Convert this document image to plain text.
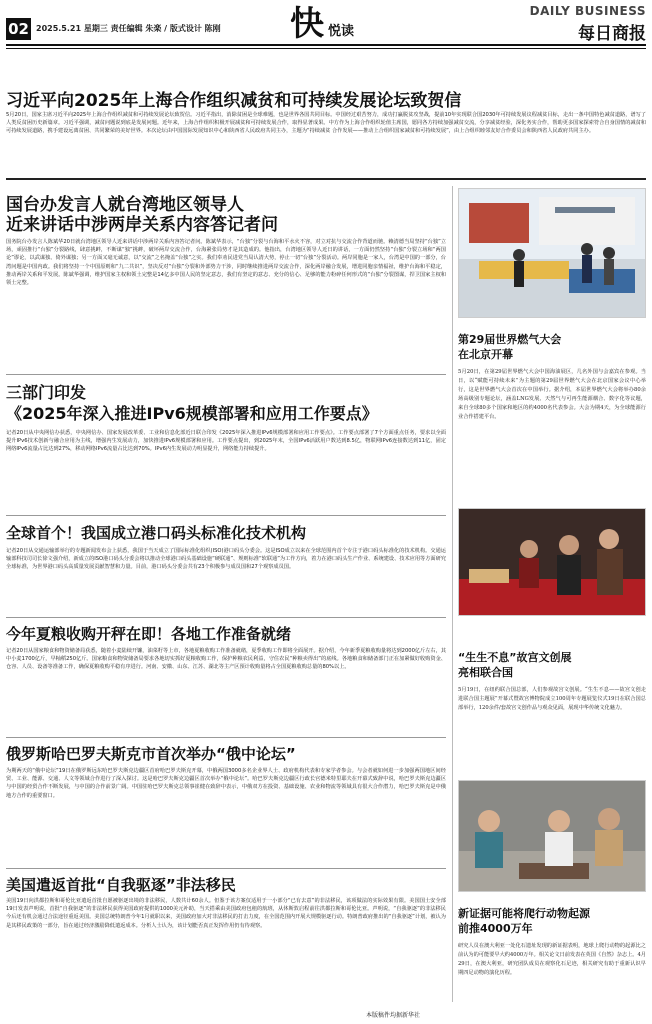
02 2025.5.21 星期三 责任编辑 朱楽 / 版式设计 陈刚 快 悦读
DAILY BUSINESS
每日商报
习近平向2025年上海合作组织减贫和可持续发展论坛致贺信
5月20日，国家主席习近平向2025年上海合作组织减贫和可持续发展论坛致贺信。习近平指出，消除贫困是全球难题，也是世界各国共同目标。中国经过艰苦努力，成功打赢脱贫攻坚战，提前10年实现联合国2030年可持续发展议程减贫目标，走出一条中国特色减贫道路，谱写了人类反贫困历史新篇章。习近平强调，减贫问题说到底是发展问题。近年来，上海合作组织积极开展减贫和可持续发展合作，取得显著成果。中方作为上海合作组织轮值主席国，愿同各方持续加强减贫交流，分享减贫经验，深化务实合作，帮助更多国家探索符合自身国情的减贫和可持续发展道路，携手建设远离贫困、共同繁荣的美好世界。本次论坛由中国国际发展知识中心和陕西省人民政府共同主办，主题为“持续减贫 合作发展——推动上合组织国家减贫和可持续发展”，由上合组织睦邻友好合作委员会和陕西省人民政府共同主办。
国台办发言人就台湾地区领导人
近来讲话中涉两岸关系内容答记者问
国务院台办发言人陈斌华20日就台湾地区领导人近来讲话中涉两岸关系内容答记者问。陈斌华表示，“台独”分裂与台海和平水火不容，对立对抗与交流合作背道而驰。赖清德当局坚持“台独”立场，顽固推行“台独”分裂路线，肆意挑衅，不断谋“独”挑衅，破坏两岸交流合作，台海紧张局势才是其造成的。他指出，台湾地区领导人近日的讲话，一方面仍然坚持“台独”分裂立场和“两国论”谬论，以武谋独、倚外谋独；另一方面又毫无诚意，以“交流”之名掩盖“台独”之实。我们奉劝民进党当局认清大势，停止一切“台独”分裂活动。两岸同胞是一家人，台湾是中国的一部分，台湾问题是中国内政。我们将坚持一个中国原则和“九二共识”，坚决反对“台独”分裂和外部势力干涉，同时继续推进两岸交流合作，深化两岸融合发展，增进同胞亲情福祉，维护台海和平稳定，推动两岸关系和平发展。陈斌华强调，维护国家主权和领土完整是14亿多中国人民的坚定意志，我们有坚定的意志、充分的信心、足够的能力粉碎任何形式的“台独”分裂图谋，捍卫国家主权和领土完整。
三部门印发
《2025年深入推进IPv6规模部署和应用工作要点》
记者20日从中央网信办获悉，中央网信办、国家发展改革委、工业和信息化部近日联合印发《2025年深入推进IPv6规模部署和应用工作要点》。工作要点部署了7个方面重点任务，要求以全面提升IPv6技术创新与融合应用为主线，增强内生发展动力，加快推进IPv6规模部署和应用。工作要点提出，到2025年末，全国IPv6活跃用户数达到8.5亿，物联网IPv6连接数达到11亿，固定网络IPv6流量占比达到27%，移动网络IPv6流量占比达到70%。IPv6内生发展动力明显提升，网络能力持续提升。
全球首个！我国成立港口码头标准化技术机构
记者20日从交通运输部举行的专题新闻发布会上获悉，我国于当天成立了国际标准化组织(ISO)港口码头分委会。这是ISO成立以来在全球范围内首个专注于港口码头标准化的技术机构。交通运输部科技司司长徐文强介绍，新成立的ISO港口码头分委会将以推动全球港口码头基础设施“硬联通”、规则标准“软联通”为工作方向，着力在港口码头生产作业、系统建设、技术应用等方面研究全球标准，为世界港口码头高质量发展贡献智慧和力量。目前，港口码头分委会共有23个积极参与成员国和27个观察成员国。
今年夏粮收购开秤在即！各地工作准备就绪
记者20日从国家粮食和物资储备局获悉，随着小麦陆续开镰，油菜籽等上市，各地夏粮收购工作准备就绪，夏季收购工作即将全面展开。据介绍，今年新季夏粮收购量将达到2000亿斤左右，其中小麦1700亿斤，早籼稻250亿斤。国家粮食和物资储备局要求各地切实抓好夏粮收购工作，保护种粮农民利益，守住农民“种粮卖得出”的底线。各地粮食和储备部门正在加紧做好收购资金、仓容、人员、设备等准备工作，确保夏粮收购平稳有序进行。河南、安徽、山东、江苏、湖北等主产区预计收购量将占全国夏粮收购总量的80%以上。
俄罗斯哈巴罗夫斯克市首次举办“俄中论坛”
为期两天的“俄中论坛”19日在俄罗斯远东哈巴罗夫斯克边疆区首府哈巴罗夫斯克开幕，中俄两国3000多名企业界人士、政府机构代表和专家学者参会。与会者就如何进一步加强两国地区间经贸、工业、能源、交通、人文等领域合作进行了深入探讨。这是哈巴罗夫斯克边疆区首次举办“俄中论坛”。哈巴罗夫斯克边疆区行政长官德米特里耶夫在开幕式致辞中说，哈巴罗夫斯克边疆区与中国的经贸合作不断发展，与中国的合作前景广阔。中国驻哈巴罗夫斯克总领事崔健在致辞中表示，中俄双方在投资、基础设施、农业和物流等领域具有很大合作潜力，哈巴罗夫斯克是中俄地方合作的重要窗口。
美国遣返首批“自我驱逐”非法移民
美国19日向洪都拉斯和哥伦比亚遣返首批自愿被驱逐出境的非法移民，人数共计60余人。但鉴于该方案仅适用于一小部分“已有去意”的非法移民，该项做法的实际效果有限。美国国土安全部19日发表声明说，首批“自我驱逐”的非法移民获得美国政府提供的1000美元补助，当天搭乘由美国政府包租的航班，从休斯敦启程前往洪都拉斯和哥伦比亚。声明说，“自我驱逐”的非法移民今后还有机会通过合法途径重返美国。美国总统特朗普今年1月就职以来，美国政府加大对非法移民的打击力度，在全国范围内开展大规模驱逐行动。特朗普政府推出的“自我驱逐”计划，被认为是其移民政策的一部分，旨在通过经济激励降低遣返成本。分析人士认为，该计划能否真正发挥作用仍有待观察。
本版稿件均据新华社
第29届世界燃气大会
在北京开幕
5月20日，在第29届世界燃气大会中国海油展区，几名外国与会嘉宾在参观。当日，以“赋能可持续未来”为主题的第29届世界燃气大会在北京国家会议中心举行，这是世界燃气大会首次在中国举行。据介绍，本届世界燃气大会将举办80余场高级别专题论坛，涵盖LNG发展、天然气与可再生能源耦合、数字化等议题，来自全球80多个国家和地区的约4000名代表参会。大会为期4天，为全球能源行业合作搭建平台。
“生生不息”故宫文创展
亮相联合国
5月19日，在纽约联合国总部，人们参观故宫文创展。“生生不息——故宫文创走进联合国主题展”开幕式暨故宫博物院成立100周年专题展览仪式19日在联合国总部举行，120余件/套故宫文创作品与观众见面，展现中华传统文化魅力。
新证据可能将爬行动物起源
前推4000万年
研究人员在澳大利亚一处化石遗址发现的新证据表明，地球上爬行动物的起源比之前认为的可能要早大约4000万年。相关论文日前发表在英国《自然》杂志上。4月29日，在澳大利亚，研究团队成员在观察化石足迹，相关研究有助于重新认识早期四足动物的演化历程。
